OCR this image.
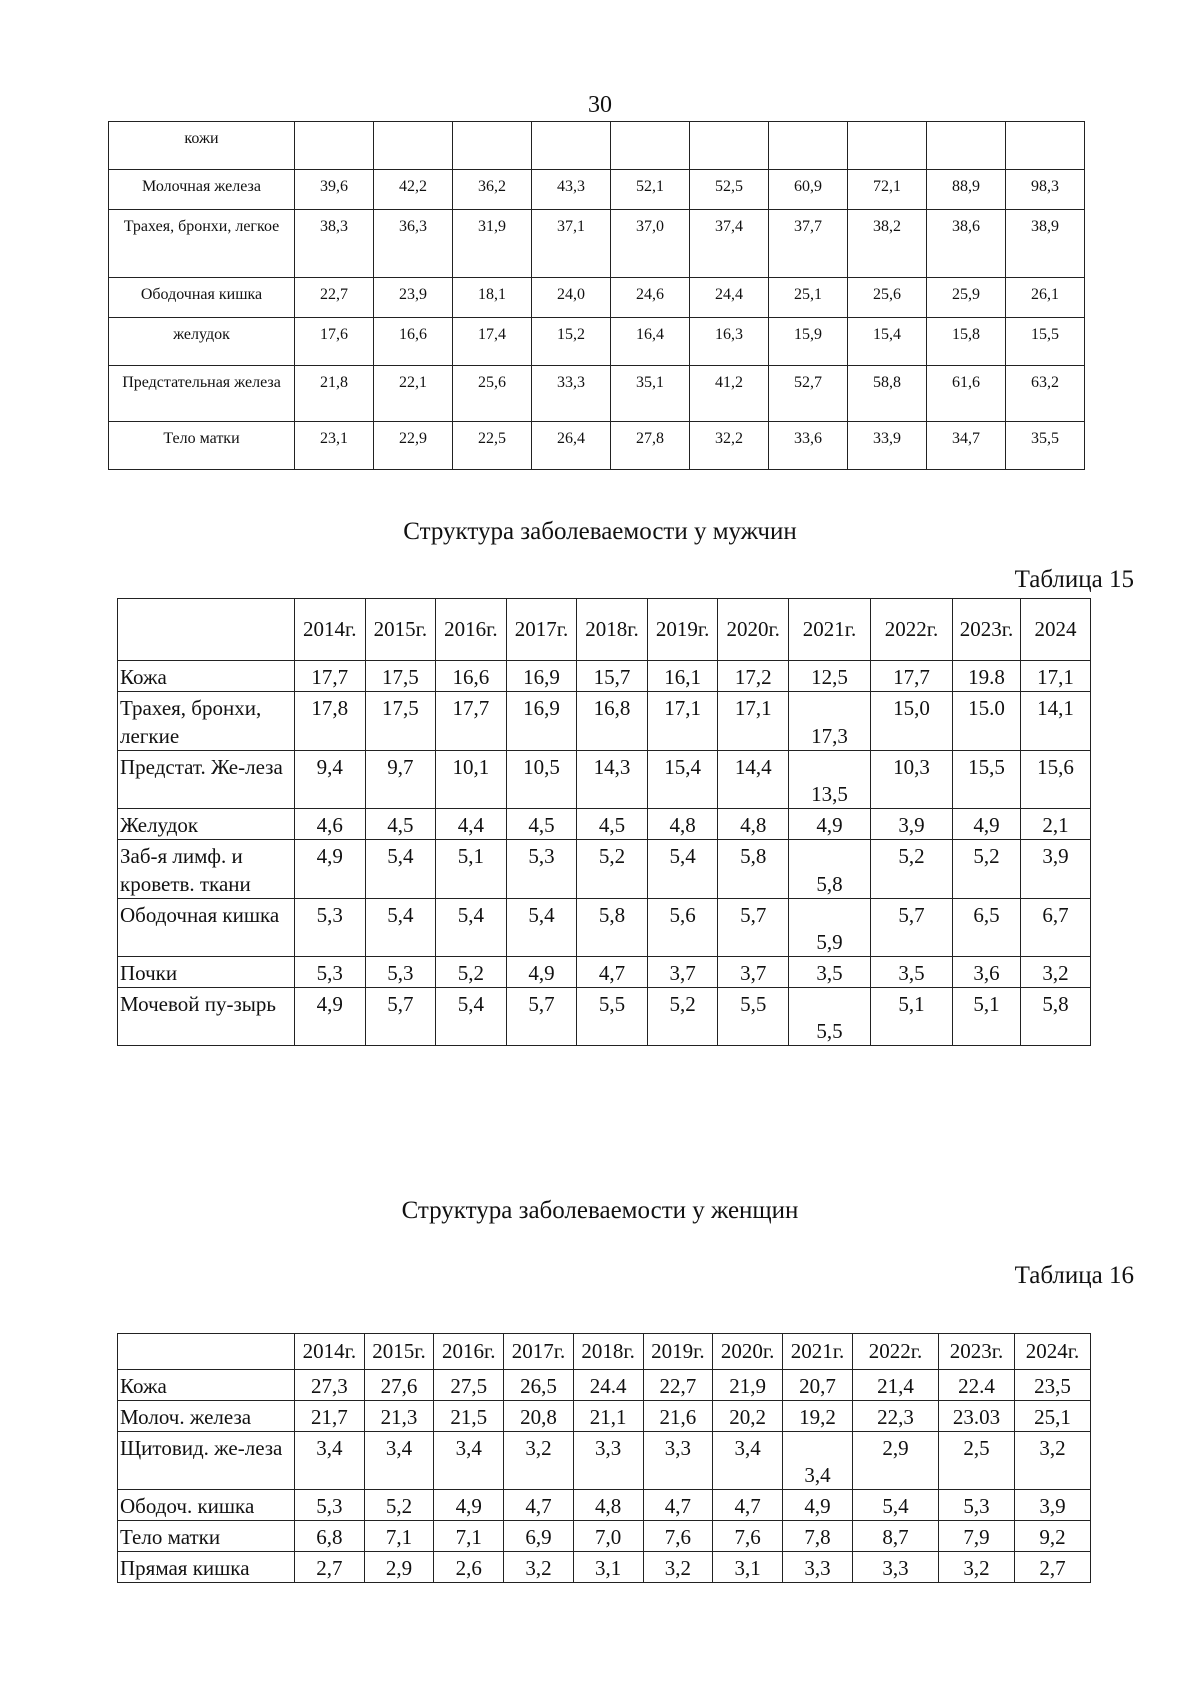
30
кожи										
Молочная железа	39,6	42,2	36,2	43,3	52,1	52,5	60,9	72,1	88,9	98,3
Трахея, бронхи, легкое	38,3	36,3	31,9	37,1	37,0	37,4	37,7	38,2	38,6	38,9
Ободочная кишка	22,7	23,9	18,1	24,0	24,6	24,4	25,1	25,6	25,9	26,1
желудок	17,6	16,6	17,4	15,2	16,4	16,3	15,9	15,4	15,8	15,5
Предстательная железа	21,8	22,1	25,6	33,3	35,1	41,2	52,7	58,8	61,6	63,2
Тело матки	23,1	22,9	22,5	26,4	27,8	32,2	33,6	33,9	34,7	35,5
Структура заболеваемости у мужчин
Таблица 15
	2014г.	2015г.	2016г.	2017г.	2018г.	2019г.	2020г.	2021г.	2022г.	2023г.	2024
Кожа	17,7	17,5	16,6	16,9	15,7	16,1	17,2	12,5	17,7	19.8	17,1
Трахея, бронхи, легкие	17,8	17,5	17,7	16,9	16,8	17,1	17,1	17,3	15,0	15.0	14,1
Предстат. Же-лезa	9,4	9,7	10,1	10,5	14,3	15,4	14,4	13,5	10,3	15,5	15,6
Желудок	4,6	4,5	4,4	4,5	4,5	4,8	4,8	4,9	3,9	4,9	2,1
Заб-я лимф. и кроветв. ткани	4,9	5,4	5,1	5,3	5,2	5,4	5,8	5,8	5,2	5,2	3,9
Ободочная кишка	5,3	5,4	5,4	5,4	5,8	5,6	5,7	5,9	5,7	6,5	6,7
Почки	5,3	5,3	5,2	4,9	4,7	3,7	3,7	3,5	3,5	3,6	3,2
Мочевой пу-зырь	4,9	5,7	5,4	5,7	5,5	5,2	5,5	5,5	5,1	5,1	5,8
Структура заболеваемости у женщин
Таблица 16
	2014г.	2015г.	2016г.	2017г.	2018г.	2019г.	2020г.	2021г.	2022г.	2023г.	2024г.
Кожа	27,3	27,6	27,5	26,5	24.4	22,7	21,9	20,7	21,4	22.4	23,5
Молоч. железа	21,7	21,3	21,5	20,8	21,1	21,6	20,2	19,2	22,3	23.03	25,1
Щитовид. же-леза	3,4	3,4	3,4	3,2	3,3	3,3	3,4	3,4	2,9	2,5	3,2
Ободоч. кишка	5,3	5,2	4,9	4,7	4,8	4,7	4,7	4,9	5,4	5,3	3,9
Тело матки	6,8	7,1	7,1	6,9	7,0	7,6	7,6	7,8	8,7	7,9	9,2
Прямая кишка	2,7	2,9	2,6	3,2	3,1	3,2	3,1	3,3	3,3	3,2	2,7
